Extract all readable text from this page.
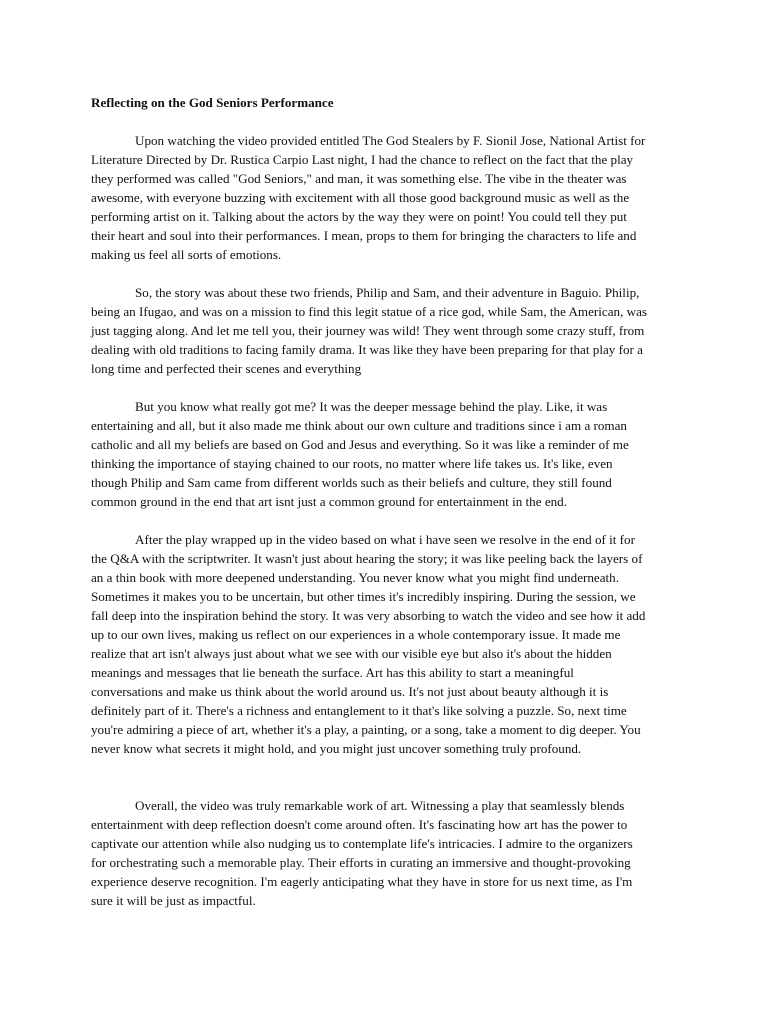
Reflecting on the God Seniors Performance

Upon watching the video provided entitled The God Stealers by F. Sionil Jose, National Artist for
Literature Directed by Dr. Rustica Carpio Last night, I had the chance to reflect on the fact that the play
they performed was called "God Seniors," and man, it was something else. The vibe in the theater was
awesome, with everyone buzzing with excitement with all those good background music as well as the
performing artist on it. Talking about the actors by the way they were on point! You could tell they put
their heart and soul into their performances. I mean, props to them for bringing the characters to life and
making us feel all sorts of emotions.

So, the story was about these two friends, Philip and Sam, and their adventure in Baguio. Philip,
being an Ifugao, and was on a mission to find this legit statue of a rice god, while Sam, the American, was
just tagging along. And let me tell you, their journey was wild! They went through some crazy stuff, from
dealing with old traditions to facing family drama. It was like they have been preparing for that play for a
long time and perfected their scenes and everything

But you know what really got me? It was the deeper message behind the play. Like, it was
entertaining and all, but it also made me think about our own culture and traditions since i am a roman
catholic and all my beliefs are based on God and Jesus and everything. So it was like a reminder of me
thinking the importance of staying chained to our roots, no matter where life takes us. It's like, even
though Philip and Sam came from different worlds such as their beliefs and culture, they still found
common ground in the end that art isnt just a common ground for entertainment in the end.

After the play wrapped up in the video based on what i have seen we resolve in the end of it for
the Q&A with the scriptwriter. It wasn't just about hearing the story; it was like peeling back the layers of
an a thin book with more deepened understanding. You never know what you might find underneath.
Sometimes it makes you to be uncertain, but other times it's incredibly inspiring. During the session, we
fall deep into the inspiration behind the story. It was very absorbing to watch the video and see how it add
up to our own lives, making us reflect on our experiences in a whole contemporary issue. It made me
realize that art isn't always just about what we see with our visible eye but also it's about the hidden
meanings and messages that lie beneath the surface. Art has this ability to start a meaningful
conversations and make us think about the world around us. It's not just about beauty although it is
definitely part of it. There's a richness and entanglement to it that's like solving a puzzle. So, next time
you're admiring a piece of art, whether it's a play, a painting, or a song, take a moment to dig deeper. You
never know what secrets it might hold, and you might just uncover something truly profound.

Overall, the video was truly remarkable work of art. Witnessing a play that seamlessly blends
entertainment with deep reflection doesn't come around often. It's fascinating how art has the power to
captivate our attention while also nudging us to contemplate life's intricacies. I admire to the organizers
for orchestrating such a memorable play. Their efforts in curating an immersive and thought-provoking
experience deserve recognition. I'm eagerly anticipating what they have in store for us next time, as I'm
sure it will be just as impactful.
